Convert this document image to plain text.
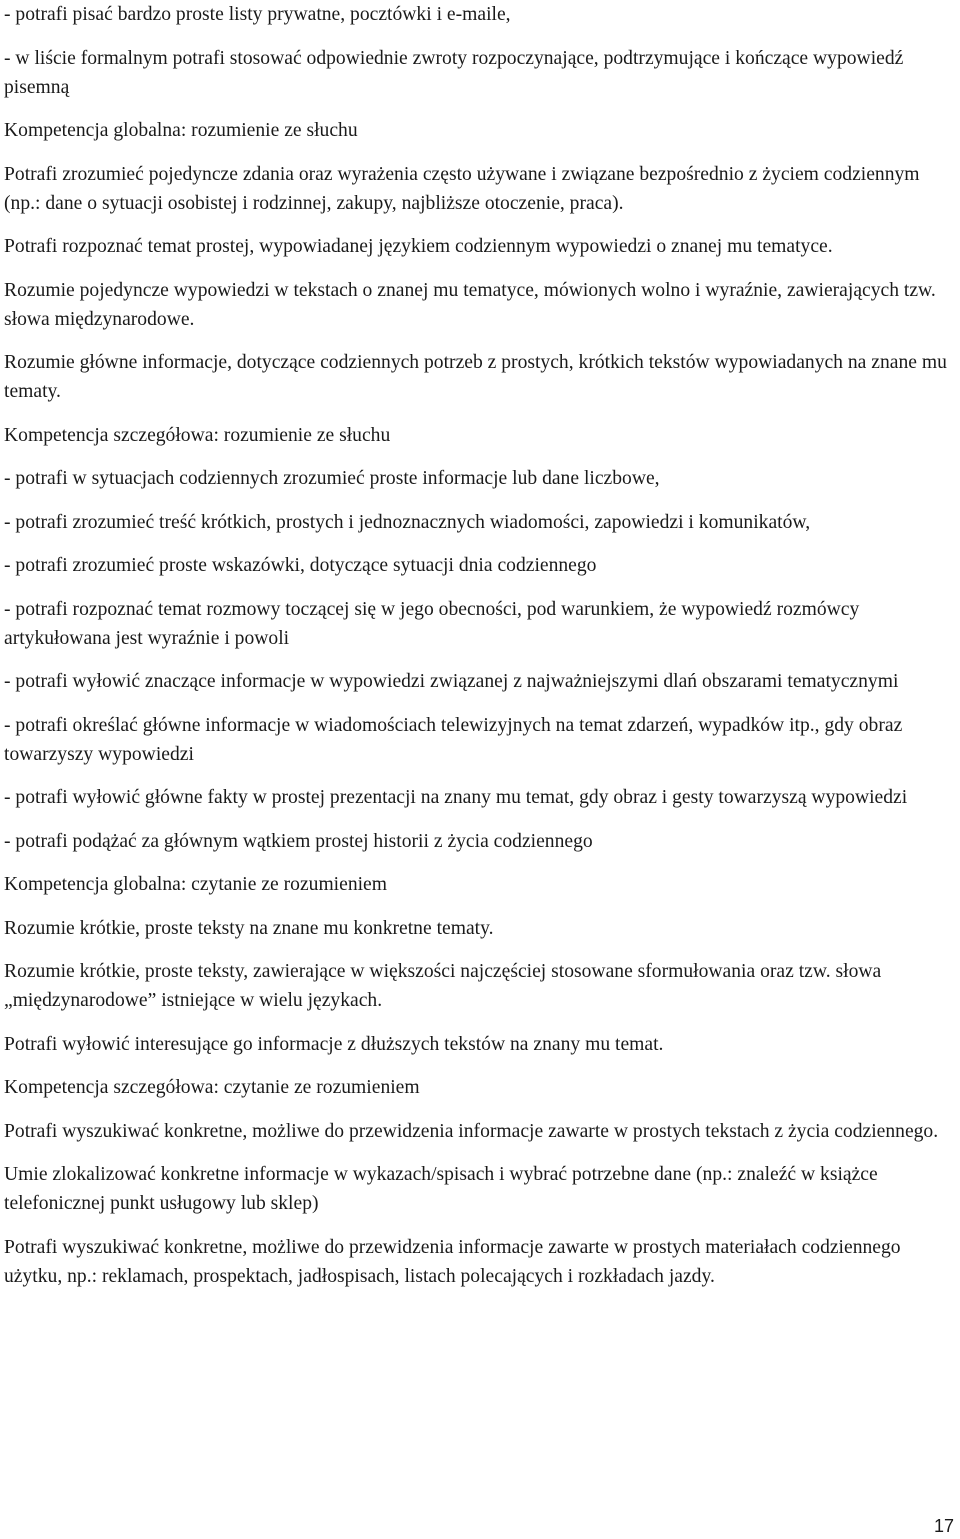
- potrafi pisać bardzo proste listy prywatne, pocztówki i e-maile,

- w liście formalnym potrafi stosować odpowiednie zwroty rozpoczynające, podtrzymujące i kończące wypowiedź pisemną

Kompetencja globalna: rozumienie ze słuchu

Potrafi zrozumieć pojedyncze zdania oraz wyrażenia często używane i związane bezpośrednio z życiem codziennym (np.: dane o sytuacji osobistej i rodzinnej, zakupy, najbliższe otoczenie, praca).

Potrafi rozpoznać temat prostej, wypowiadanej językiem codziennym wypowiedzi o znanej mu tematyce.

Rozumie pojedyncze wypowiedzi w tekstach o znanej mu tematyce, mówionych wolno i wyraźnie, zawierających tzw. słowa międzynarodowe.

Rozumie główne informacje, dotyczące codziennych potrzeb z prostych, krótkich tekstów wypowiadanych na znane mu tematy.

Kompetencja szczegółowa: rozumienie ze słuchu

- potrafi w sytuacjach codziennych zrozumieć proste informacje lub dane liczbowe,

- potrafi zrozumieć treść krótkich, prostych i jednoznacznych wiadomości, zapowiedzi i komunikatów,

- potrafi zrozumieć proste wskazówki, dotyczące sytuacji dnia codziennego

- potrafi rozpoznać temat rozmowy toczącej się w jego obecności, pod warunkiem, że wypowiedź rozmówcy artykułowana jest wyraźnie i powoli

- potrafi wyłowić znaczące informacje w wypowiedzi związanej z najważniejszymi dlań obszarami tematycznymi

- potrafi określać główne informacje w wiadomościach telewizyjnych na temat zdarzeń, wypadków itp., gdy obraz towarzyszy wypowiedzi

- potrafi wyłowić główne fakty w prostej prezentacji na znany mu temat, gdy obraz i gesty towarzyszą wypowiedzi

- potrafi podążać za głównym wątkiem prostej historii z życia codziennego

Kompetencja globalna: czytanie ze rozumieniem

Rozumie krótkie, proste teksty na znane mu konkretne tematy.

Rozumie krótkie, proste teksty, zawierające w większości najczęściej stosowane sformułowania oraz tzw. słowa „międzynarodowe” istniejące w wielu językach.

Potrafi wyłowić interesujące go informacje z dłuższych tekstów na znany mu temat.

Kompetencja szczegółowa: czytanie ze rozumieniem

Potrafi wyszukiwać konkretne, możliwe do przewidzenia informacje zawarte w prostych tekstach z życia codziennego.

Umie zlokalizować konkretne informacje w wykazach/spisach i wybrać potrzebne dane (np.: znaleźć w książce telefonicznej punkt usługowy lub sklep)

Potrafi wyszukiwać konkretne, możliwe do przewidzenia informacje zawarte w prostych materiałach codziennego użytku, np.: reklamach, prospektach, jadłospisach, listach polecających i rozkładach jazdy.

17
